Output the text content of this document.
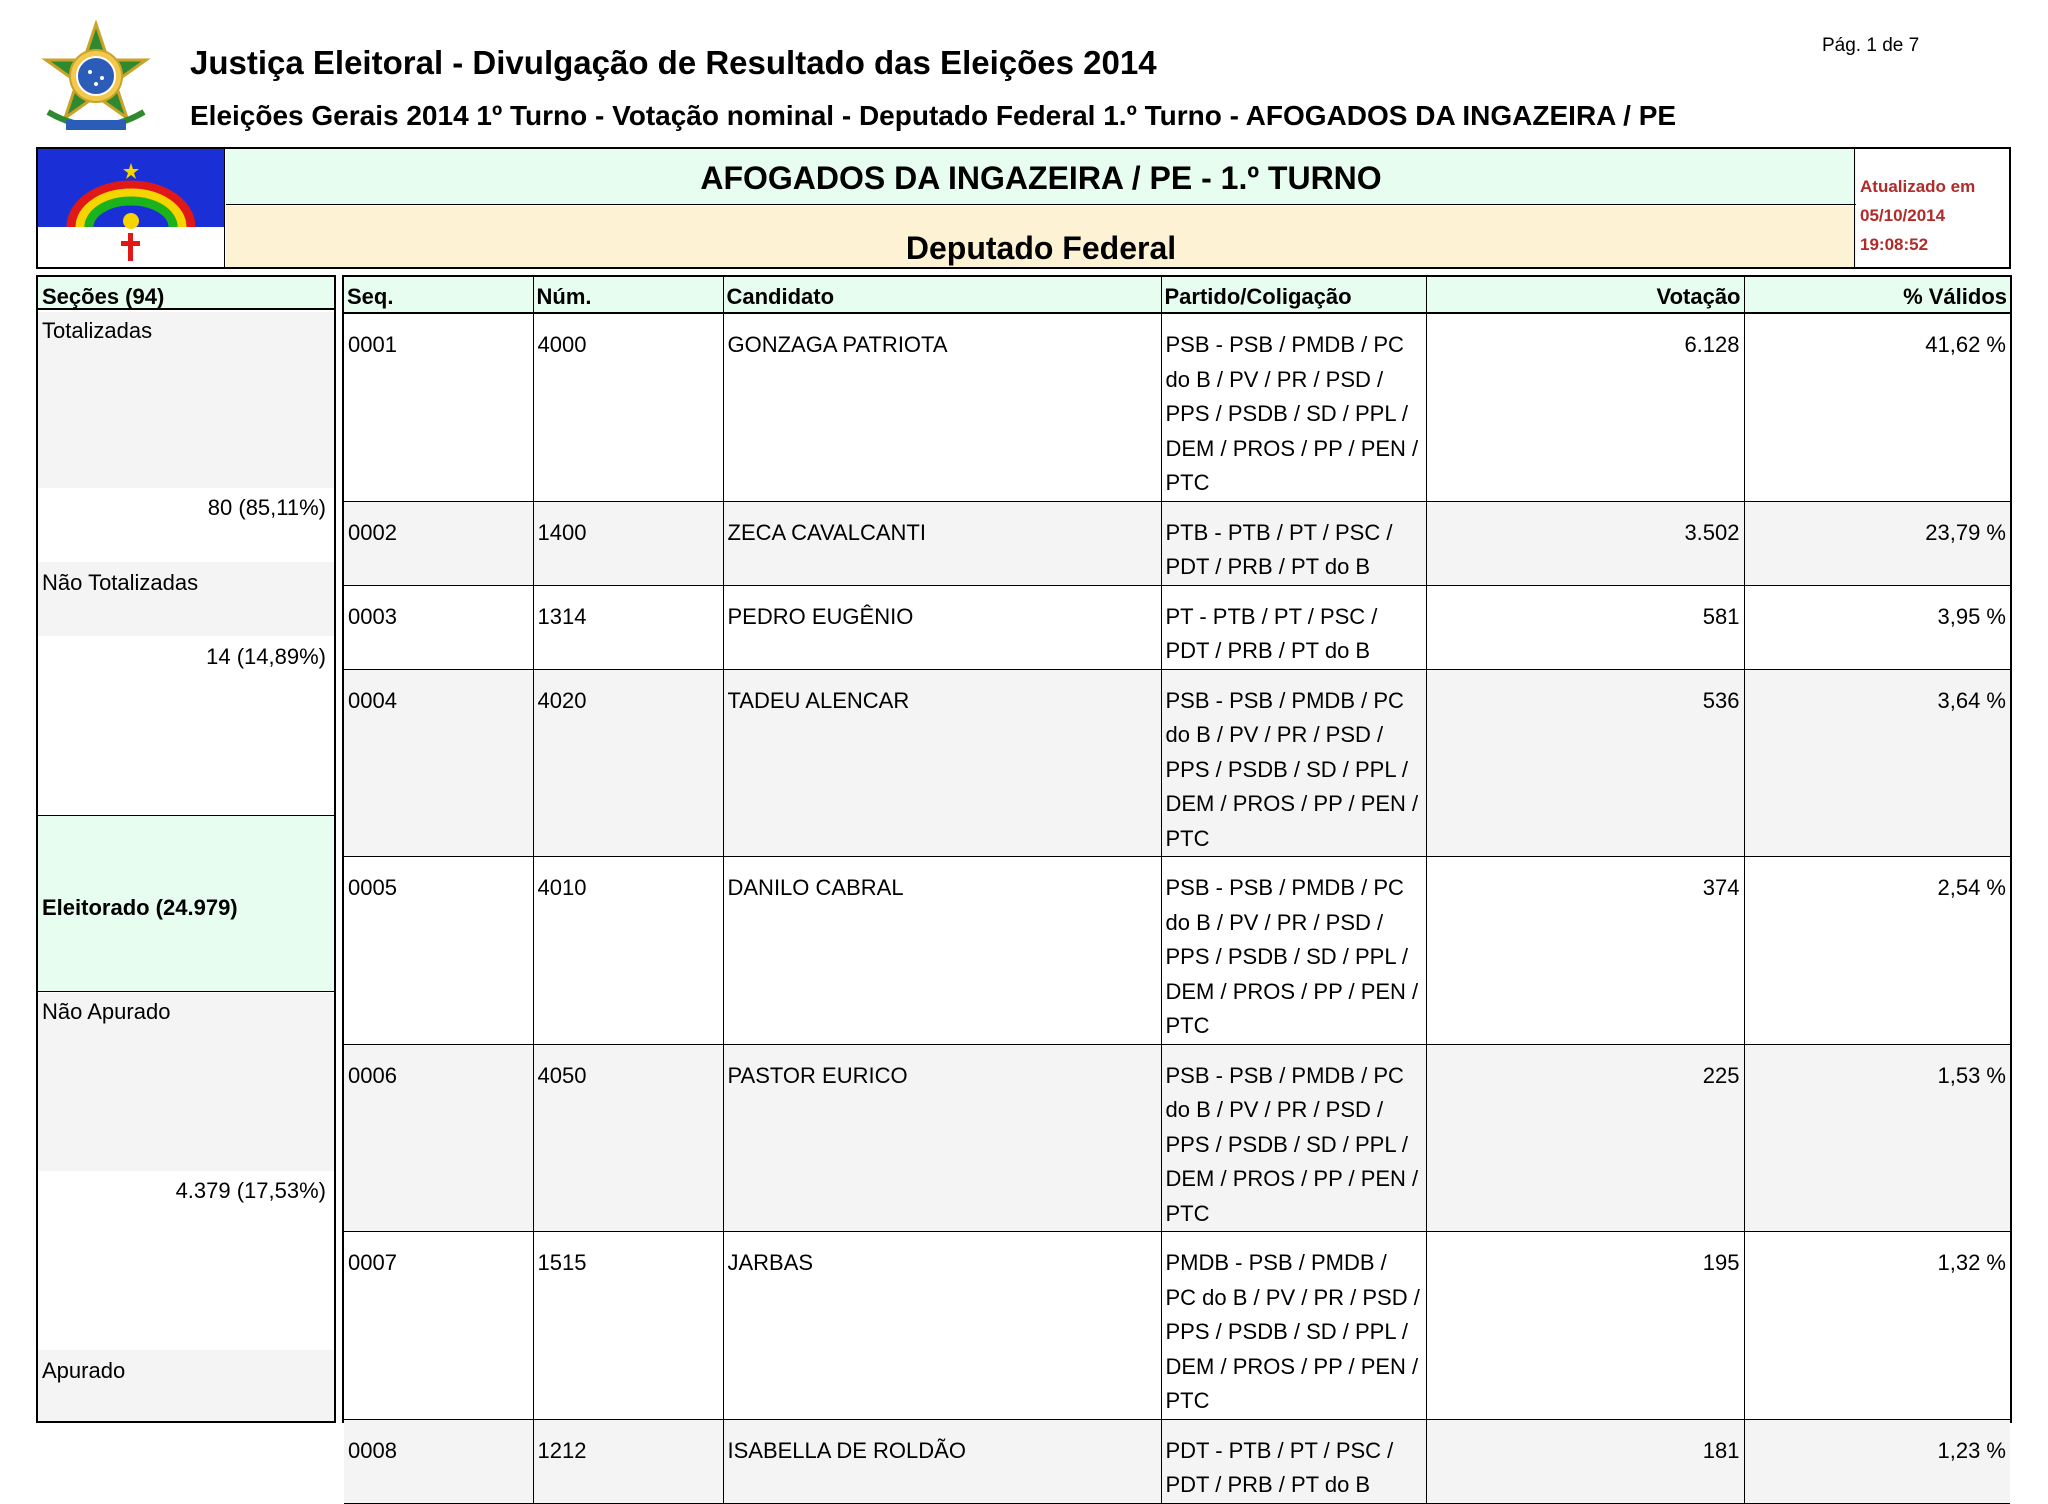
Justiça Eleitoral - Divulgação de Resultado das Eleições 2014
Eleições Gerais 2014 1º Turno - Votação nominal - Deputado Federal 1.º Turno - AFOGADOS DA INGAZEIRA / PE
Pág. 1 de 7
AFOGADOS DA INGAZEIRA / PE - 1.º TURNO
Deputado Federal
Atualizado em
05/10/2014
19:08:52
Seções (94)
Totalizadas
80 (85,11%)
Não Totalizadas
14 (14,89%)
Eleitorado (24.979)
Não Apurado
4.379 (17,53%)
Apurado
Seq.	Núm.	Candidato	Partido/Coligação	Votação	% Válidos
0001	4000	GONZAGA PATRIOTA	PSB - PSB / PMDB / PC do B / PV / PR / PSD / PPS / PSDB / SD / PPL / DEM / PROS / PP / PEN / PTC	6.128	41,62 %
0002	1400	ZECA CAVALCANTI	PTB - PTB / PT / PSC / PDT / PRB / PT do B	3.502	23,79 %
0003	1314	PEDRO EUGÊNIO	PT - PTB / PT / PSC / PDT / PRB / PT do B	581	3,95 %
0004	4020	TADEU ALENCAR	PSB - PSB / PMDB / PC do B / PV / PR / PSD / PPS / PSDB / SD / PPL / DEM / PROS / PP / PEN / PTC	536	3,64 %
0005	4010	DANILO CABRAL	PSB - PSB / PMDB / PC do B / PV / PR / PSD / PPS / PSDB / SD / PPL / DEM / PROS / PP / PEN / PTC	374	2,54 %
0006	4050	PASTOR EURICO	PSB - PSB / PMDB / PC do B / PV / PR / PSD / PPS / PSDB / SD / PPL / DEM / PROS / PP / PEN / PTC	225	1,53 %
0007	1515	JARBAS	PMDB - PSB / PMDB / PC do B / PV / PR / PSD / PPS / PSDB / SD / PPL / DEM / PROS / PP / PEN / PTC	195	1,32 %
0008	1212	ISABELLA DE ROLDÃO	PDT - PTB / PT / PSC / PDT / PRB / PT do B	181	1,23 %
